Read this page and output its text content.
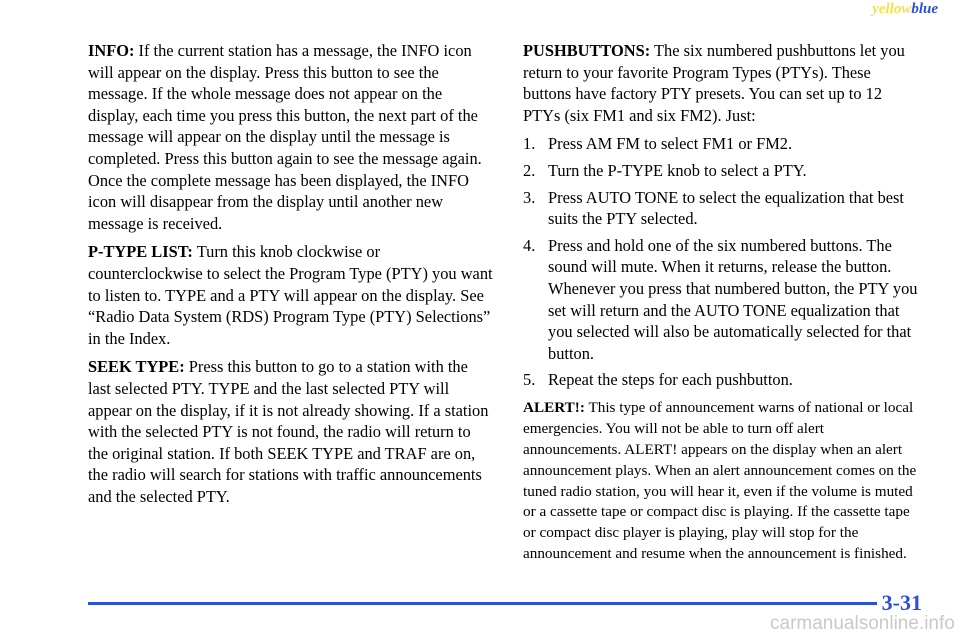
yellowblue

INFO: If the current station has a message, the INFO icon will appear on the display. Press this button to see the message. If the whole message does not appear on the display, each time you press this button, the next part of the message will appear on the display until the message is completed. Press this button again to see the message again. Once the complete message has been displayed, the INFO icon will disappear from the display until another new message is received.

P-TYPE LIST: Turn this knob clockwise or counterclockwise to select the Program Type (PTY) you want to listen to. TYPE and a PTY will appear on the display. See “Radio Data System (RDS) Program Type (PTY) Selections” in the Index.

SEEK TYPE: Press this button to go to a station with the last selected PTY. TYPE and the last selected PTY will appear on the display, if it is not already showing. If a station with the selected PTY is not found, the radio will return to the original station. If both SEEK TYPE and TRAF are on, the radio will search for stations with traffic announcements and the selected PTY.

PUSHBUTTONS: The six numbered pushbuttons let you return to your favorite Program Types (PTYs). These buttons have factory PTY presets. You can set up to 12 PTYs (six FM1 and six FM2). Just:

1. Press AM FM to select FM1 or FM2.
2. Turn the P-TYPE knob to select a PTY.
3. Press AUTO TONE to select the equalization that best suits the PTY selected.
4. Press and hold one of the six numbered buttons. The sound will mute. When it returns, release the button. Whenever you press that numbered button, the PTY you set will return and the AUTO TONE equalization that you selected will also be automatically selected for that button.
5. Repeat the steps for each pushbutton.

ALERT!: This type of announcement warns of national or local emergencies. You will not be able to turn off alert announcements. ALERT! appears on the display when an alert announcement plays. When an alert announcement comes on the tuned radio station, you will hear it, even if the volume is muted or a cassette tape or compact disc is playing. If the cassette tape or compact disc player is playing, play will stop for the announcement and resume when the announcement is finished.

3-31
carmanualsonline.info
